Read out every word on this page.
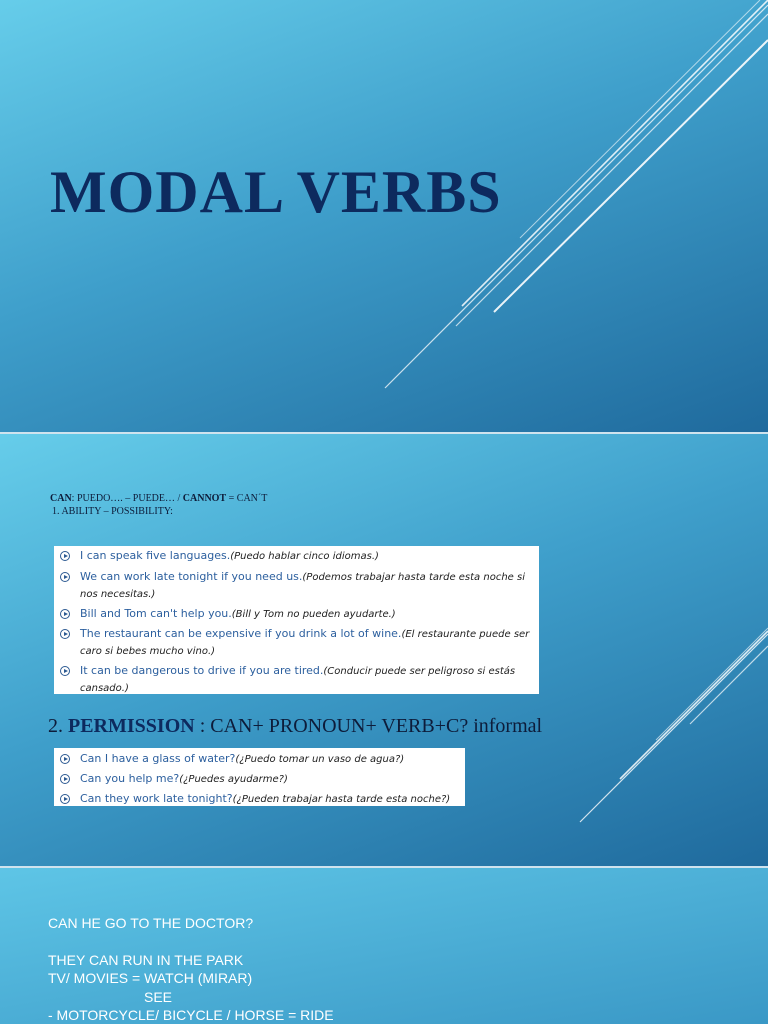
MODAL VERBS
CAN: PUEDO…. – PUEDE… / CANNOT = CAN´T
1. ABILITY – POSSIBILITY:
I can speak five languages.(Puedo hablar cinco idiomas.)
We can work late tonight if you need us.(Podemos trabajar hasta tarde esta noche si nos necesitas.)
Bill and Tom can't help you.(Bill y Tom no pueden ayudarte.)
The restaurant can be expensive if you drink a lot of wine.(El restaurante puede ser caro si bebes mucho vino.)
It can be dangerous to drive if you are tired.(Conducir puede ser peligroso si estás cansado.)
2. PERMISSION : CAN+ PRONOUN+ VERB+C? informal
Can I have a glass of water?(¿Puedo tomar un vaso de agua?)
Can you help me?(¿Puedes ayudarme?)
Can they work late tonight?(¿Pueden trabajar hasta tarde esta noche?)
CAN HE GO TO THE DOCTOR?
THEY CAN RUN IN THE PARK
TV/ MOVIES = WATCH (MIRAR)
SEE
- MOTORCYCLE/ BICYCLE / HORSE = RIDE
